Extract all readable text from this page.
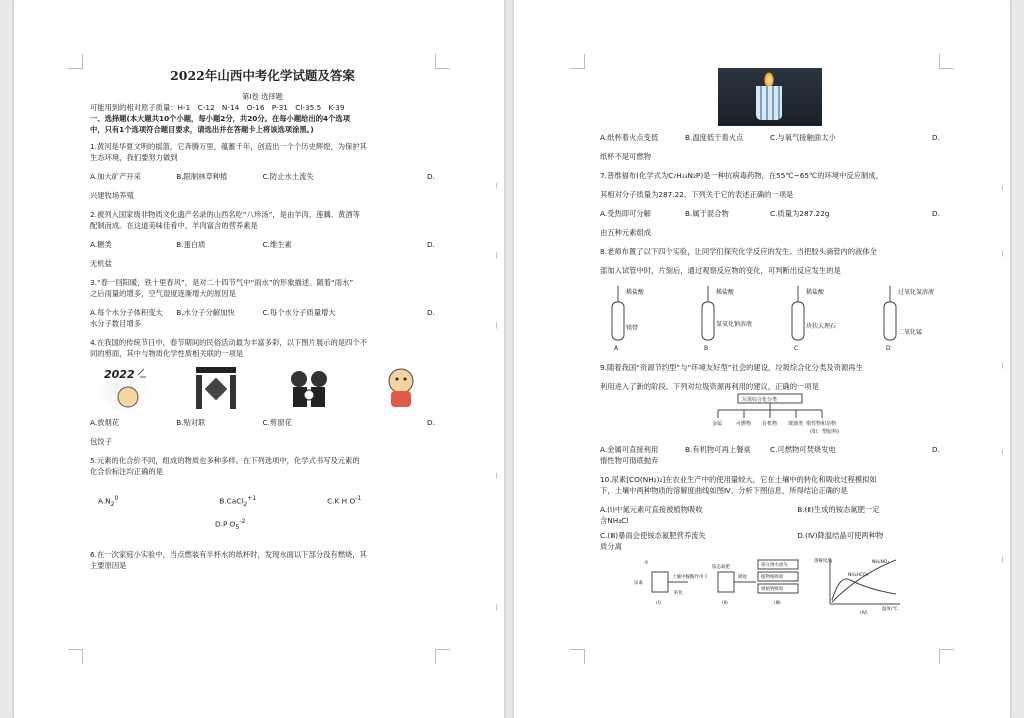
2022年山西中考化学试题及答案
第Ⅰ卷 选择题
可能用到的相对原子质量：H-1　C-12　N-14　O-16　P-31　Cl-35.5　K-39
一、选择题(本大题共10个小题，每小题2分，共20分。在每小题给出的4个选项
中，只有1个选项符合题目要求，请选出并在答题卡上将该选项涂黑。)
1.黄河是华夏文明的摇篮，它奔腾万里，蕴蓄千年，创造出一个个历史辉煌，为保护其
生态环境，我们要努力做到
A.加大矿产开采	B.限制林草种植	C.防止水土流失	D.
兴建牧场养殖
2.被列入国家级非物质文化遗产名录的山西名吃“八珍汤”，是由羊肉、莲藕、黄酒等
配制而成。在这道美味佳肴中，羊肉富含的营养素是
A.糖类	B.蛋白质	C.维生素	D.
无机盐
3.“春一回阳暖，铁十里春风”，是对二十四节气中“雨水”的形象描述。随着“雨水”
之后雨量的增多，空气湿度逐渐增大的原因是
A.每个水分子体积变大	B.水分子分解加快	C.每个水分子质量增大	D.
水分子数目增多
4.在我国的传统节日中，春节期间的民俗活动最为丰富多彩，以下图片展示的是四个不
同的剪面，其中与物质化学性质相关联的一项是
2022
A.放烟花	B.贴对联	C.剪窗花	D.
包饺子
5.元素的化合价不同，组成的物质也多种多样。在下列选项中，化学式书写及元素的
化合价标注均正确的是
$A.N_2^0$	B.CaCl$_2^{+1}$	C.K H $O^{-1}$
D.P $O_5^{-2}$
6.在一次家庭小实验中，当点燃装有半杯水的纸杯时，发现水面以下部分没有燃烧，其
主要原因是
(
(
(
(
(
A.纸杯着火点变低	B.温度低于着火点	C.与氧气接触面太小	D.
纸杯不是可燃物
7.普维福布(化学式为C₇H₁₃N₂P)是一种抗病毒药物，在55℃~65℃的环境中反应制成，
其相对分子质量为287.22，下列关于它的表述正确的一项是
A.受热即可分解	B.属于混合物	C.质量为287.22g	D.
由五种元素组成
8.老师布置了以下四个实验，让同学们探究化学反应的发生。当把胶头滴管内的液体全
部加入试管中时，片刻后，通过观察反应物的变化，可判断出反应发生的是
稀盐酸
镁带
A
稀盐酸
氢氧化钠溶液
B
稀盐酸
块状大理石
C
过氧化氢溶液
二氧化锰
D
9.随着我国“资源节约型”与“环境友好型”社会的建设，垃圾综合化分类及资源再生
利用进入了新的阶段。下列对垃圾资源再利用的建议，正确的一项是
垃圾综合化分类
金属	可燃物 有机物 玻璃类 惰性物和杂物
(如：塑胶料)
A.金属可直接利用	B.有机物可再上餐桌	C.可燃物可焚烧发电	D.
惰性物可彻底抛弃
10.尿素[CO(NH₂)₂]在农业生产中的使用量较大，它在土壤中的转化和吸收过程模拟如
下，土壤中两种物质的溶解度曲线如图Ⅳ。分析下图信息，所得结论正确的是
A.(Ⅰ)中氮元素可直接被植物吸收	B.(Ⅱ)生成的铵态氮肥一定
含NH₄Cl
C.(Ⅲ)暴雨会使铵态氮肥营养流失	D.(Ⅳ)降温结晶可使两种物
质分离
水
尿素
土壤中脲酶作用下
转化
铵态氮肥
吸收
部分溶水流失
植物根吸收
被植物吸收
溶解度/g
温度/℃
NH₄NO₃
NH₄HCO₃
(Ⅰ)	(Ⅱ)	(Ⅲ)
(Ⅳ)
(
(
(
(
(
